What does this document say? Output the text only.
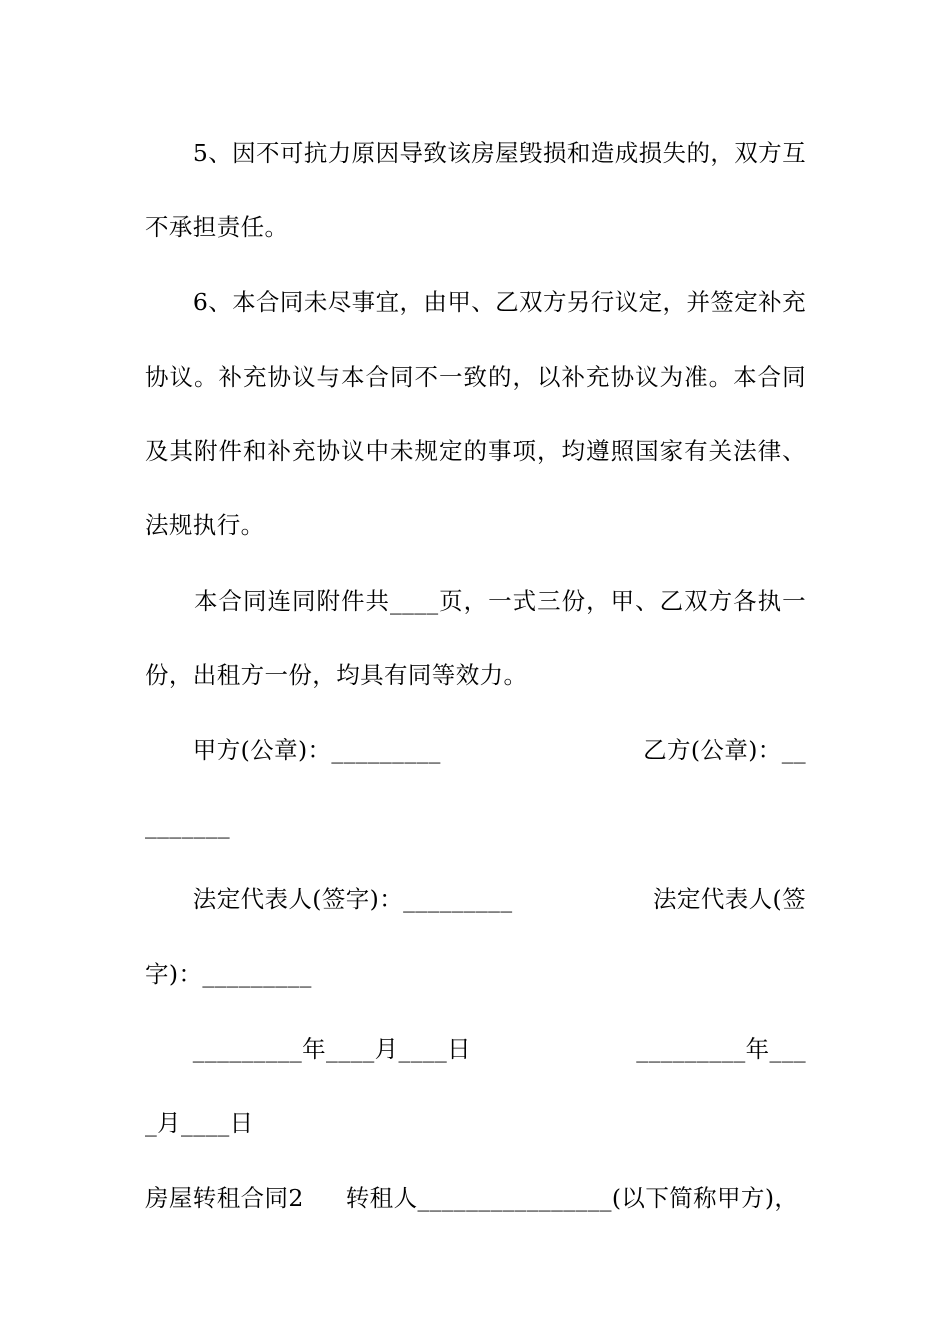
　　5、因不可抗力原因导致该房屋毁损和造成损失的，双方互
不承担责任。
　　6、本合同未尽事宜，由甲、乙双方另行议定，并签定补充
协议。补充协议与本合同不一致的，以补充协议为准。本合同
及其附件和补充协议中未规定的事项，均遵照国家有关法律、
法规执行。
　　本合同连同附件共____页，一式三份，甲、乙双方各执一
份，出租方一份，均具有同等效力。
　　甲方(公章)：_________	乙方(公章)：__
_______
　　法定代表人(签字)：_________	法定代表人(签
字)：_________
　　_________年____月____日	_________年___
_月____日
房屋转租合同2 转租人________________(以下简称甲方)，
